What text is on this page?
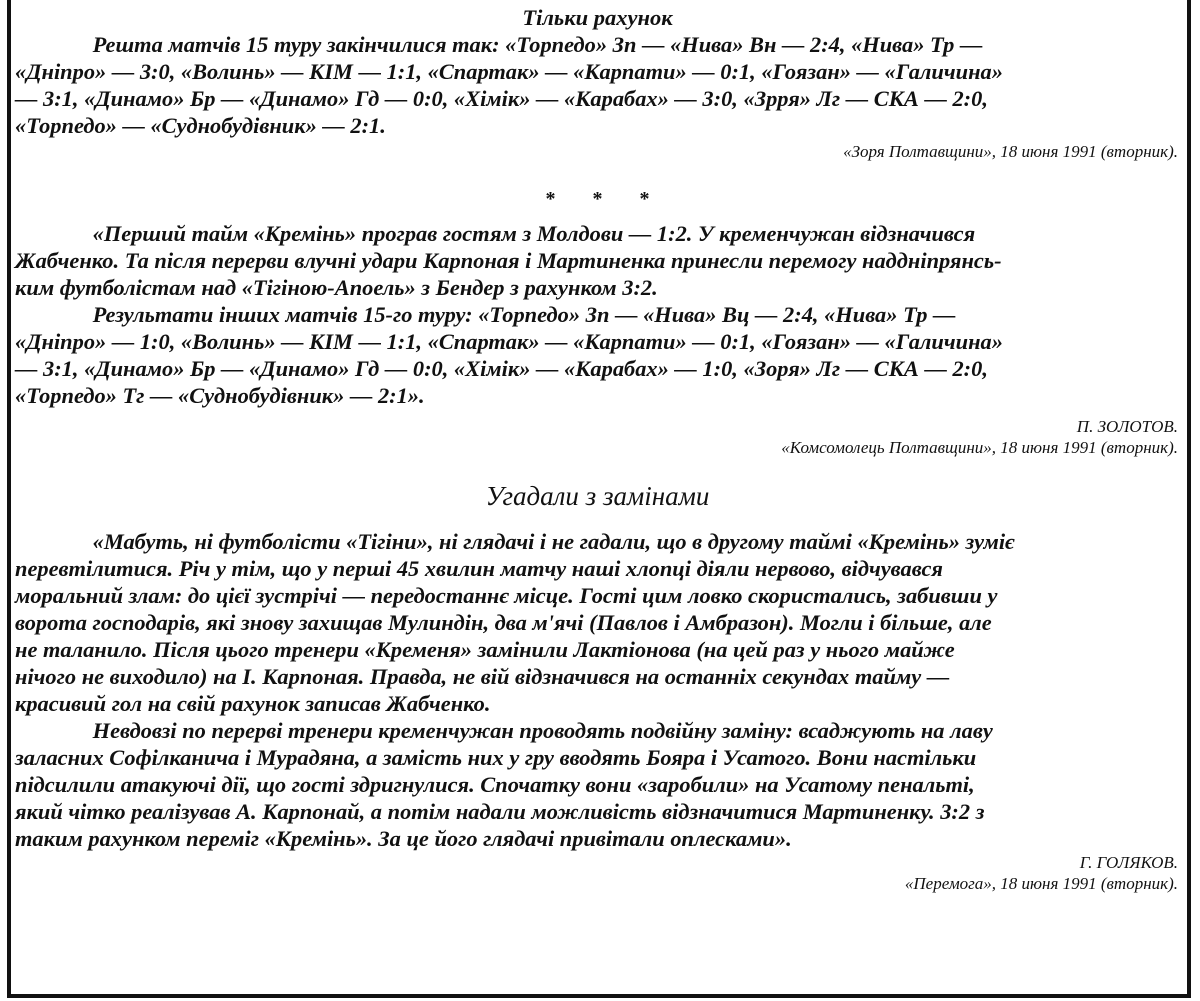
Тільки рахунок
Решта матчів 15 туру закінчилися так: «Торпедо» Зп — «Нива» Вн — 2:4, «Нива» Тр —
«Дніпро» — 3:0, «Волинь» — КІМ — 1:1, «Спартак» — «Карпати» — 0:1, «Гоязан» — «Галичина»
— 3:1, «Динамо» Бр — «Динамо» Гд — 0:0, «Хімік» — «Карабах» — 3:0, «Зрря» Лг — СКА — 2:0,
«Торпедо» — «Суднобудівник» — 2:1.
«Зоря Полтавщини», 18 июня 1991 (вторник).
* * *
«Перший тайм «Кремінь» програв гостям з Молдови — 1:2. У кременчужан відзначився
Жабченко. Та після перерви влучні удари Карпоная і Мартиненка принесли перемогу наддніпрянсь-
ким футболістам над «Тігіною-Апоель» з Бендер з рахунком 3:2.
Результати інших матчів 15-го туру: «Торпедо» Зп — «Нива» Вц — 2:4, «Нива» Тр —
«Дніпро» — 1:0, «Волинь» — КІМ — 1:1, «Спартак» — «Карпати» — 0:1, «Гоязан» — «Галичина»
— 3:1, «Динамо» Бр — «Динамо» Гд — 0:0, «Хімік» — «Карабах» — 1:0, «Зоря» Лг — СКА — 2:0,
«Торпедо» Тг — «Суднобудівник» — 2:1».
П. ЗОЛОТОВ.
«Комсомолець Полтавщини», 18 июня 1991 (вторник).
Угадали з замінами
«Мабуть, ні футболісти «Тігіни», ні глядачі і не гадали, що в другому таймі «Кремінь» зуміє
перевтілитися. Річ у тім, що у перші 45 хвилин матчу наші хлопці діяли нервово, відчувався
моральний злам: до цієї зустрічі — передостаннє місце. Гості цим ловко скористались, забивши у
ворота господарів, які знову захищав Мулиндін, два м'ячі (Павлов і Амбразон). Могли і більше, але
не таланило. Після цього тренери «Кременя» замінили Лактіонова (на цей раз у нього майже
нічого не виходило) на І. Карпоная. Правда, не вій відзначився на останніх секундах тайму —
красивий гол на свій рахунок записав Жабченко.
Невдовзі по перерві тренери кременчужан проводять подвійну заміну: всаджують на лаву
заласних Софілканича і Мурадяна, а замість них у гру вводять Бояра і Усатого. Вони настільки
підсилили атакуючі дії, що гості здригнулися. Спочатку вони «заробили» на Усатому пенальті,
який чітко реалізував А. Карпонай, а потім надали можливість відзначитися Мартиненку. 3:2 з
таким рахунком переміг «Кремінь». За це його глядачі привітали оплесками».
Г. ГОЛЯКОВ.
«Перемога», 18 июня 1991 (вторник).
